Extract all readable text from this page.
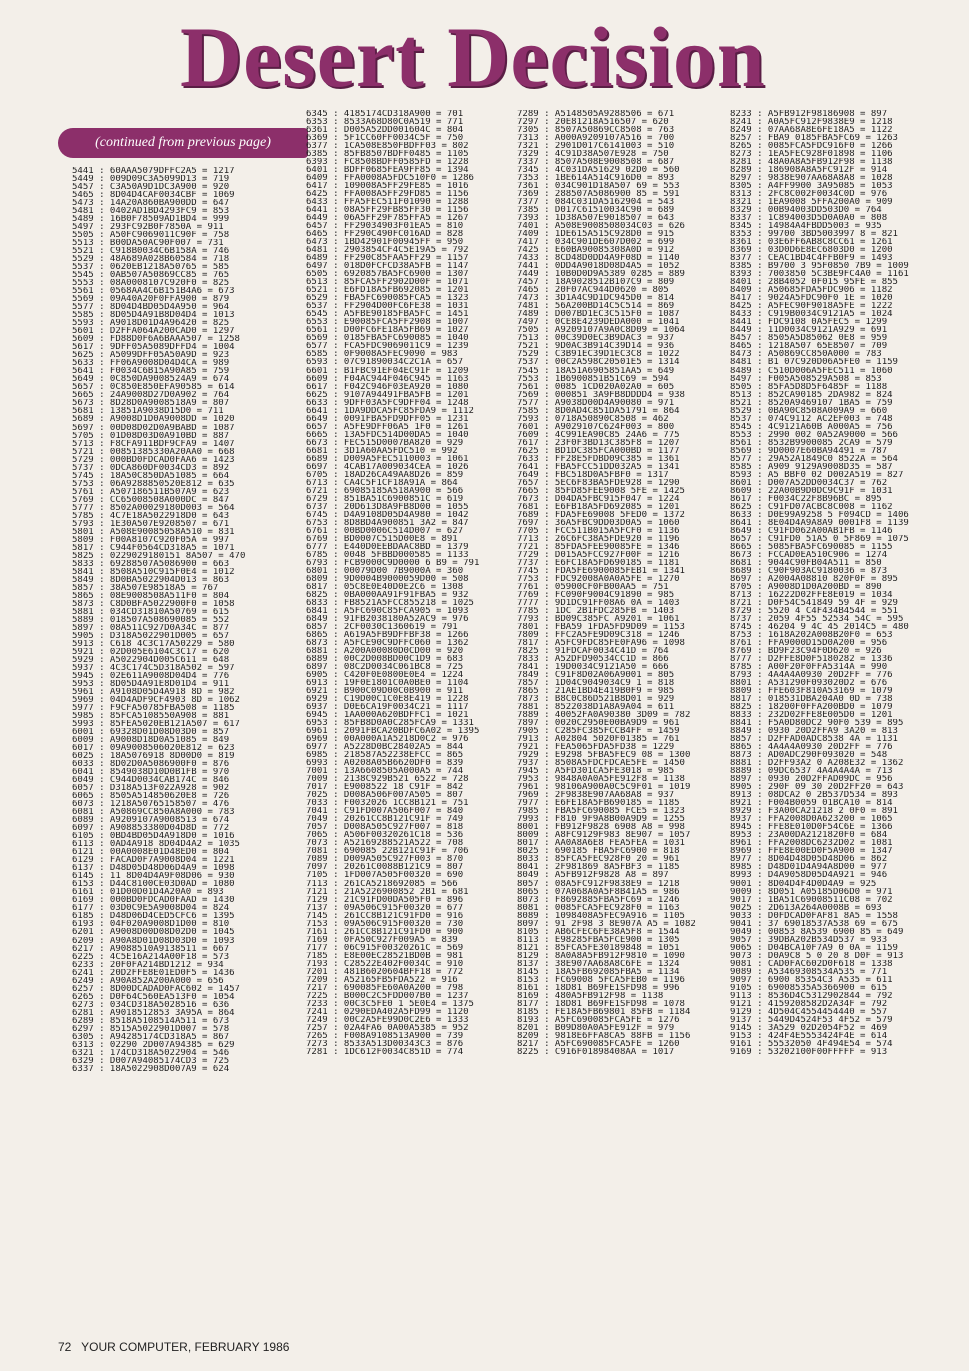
Desert Decision
(continued from previous page)
5441 : 60AAA5079DFFC2A5 = 1217
5449 : 009D09C3A5099D13 = 719
5457 : C3A50A9D1DC3A900 = 920
5465 : 8D04D4CAF0034CBF = 1069
5473 : 14A20A860BA900DD = 647
5481 : 0402AD1BD4293FC9 = 853
5489 : 16B0F78509AD1BD4 = 999
5497 : 293FC92B0F7850A = 911
5505 : A50FC9069011C90F = 758
5513 : B00DA50AC90F007 = 731
5521 : C918B0034C6B158A = 746
5529 : 48A689A028B60584 = 718
5537 : 0620EB1218A50765 = 585
5545 : 0AB507A50869CC85 = 765
5553 : 08A0008107C920F0 = 825
5561 : 0568AA4C6B151B4A6 = 673
5569 : 09A40A20F0FFA900 = 879
5577 : 8D04D4BD05D4A950 = 964
5585 : 8D05D4A91B8D04D4 = 1013
5593 : A9018D01D4A96420 = 825
5601 : D2FFA064A200CAD0 = 1297
5609 : FD88D0F6A6BAAA507 = 1258
5617 : 9DFF05A5089DFFD4 = 1004
5625 : A5099DFF05A50A9D = 923
5633 : FF06A9008D04D4CA = 989
5641 : F0034C6B15A90A85 = 759
5649 : 0C850DA9008524A9 = 674
5657 : 0C850E850EFA90585 = 614
5665 : 24A9008D27D0A902 = 764
5673 : 8D28D0A9008518A9 = 807
5681 : 13851A9038D15D0 = 711
5689 : A9008D1D0A9008DD = 1020
5697 : 00D08D02D0A9BABD = 1087
5705 : 01D08D03D0A910BD = 887
5713 : F8CFA911BDF9CFA9 = 1407
5721 : 00851385330A20AA0 = 668
5729 : 000BD0FDCAD0FAA6 = 1423
5737 : 0DCA860DF0034CD3 = 892
5745 : 18A50C850DA51085 = 664
5753 : 06A9288850520E812 = 635
5761 : A507186511B507A9 = 623
5769 : CC65008508A000DC = 847
5777 : 8502A00029180D003 = 564
5785 : 4C7E18A5022918D0 = 643
5793 : 1E30A507E9208507 = 671
5801 : A508E90085058A510 = 831
5809 : F00A8107C920F05A = 997
5817 : C944F0564CD318A5 = 1071
5825 : 0229029180151 8A507 = 470
5833 : 69288507A5086900 = 663
5841 : 8508A510C915F0E4 = 1012
5849 : 8D0BA5022904D013 = 863
5857 : 38A507E98518A5 = 767
5865 : 08E9008508A511F0 = 804
5873 : C8D0BFA5022900F0 = 1058
5881 : 034CD31810A50769 = 615
5889 : 018507A508690085 = 552
5897 : 08A511C927D0A34C = 877
5905 : D318A5022901D005 = 657
5913 : C618 4C3C17A50229 = 580
5921 : 02D005E6104C3C17 = 620
5929 : A5022904D005C611 = 648
5937 : 4C3C174C5D318A502 = 597
5945 : 02E611A9008D04D4 = 776
5953 : 8D05D4A91E8D01D4 = 911
5961 : A9108D05D4A918 8D = 982
5969 : 04D4ADF9CF4903 8D = 1062
5977 : F9CFA50785FBA508 = 1185
5985 : 85FCA5108550A908 = 881
5993 : 85FEA5020EB121A507 = 617
6001 : 69328D01D08D03D0 = 857
6009 : A9008D18D0A51085 = 849
6017 : 09A9008506020E812 = 623
6025 : 18A5076918 8D00D0 = 819
6033 : 8D02D0A5086900F0 = 876
6041 : 8549038D10D0B1FB = 970
6049 : C944D0034CAB174C = 846
6057 : D318A513F022A928 = 902
6065 : 8505A514850620E8 = 726
6073 : 1218A50765158507 = 476
6081 : A50869CC850A8A000 = 783
6089 : A9209107A9008513 = 674
6097 : A908853380D04D8D = 772
6105 : 0BD4BD05D4A918D0 = 1016
6113 : 0AD4A918 8D04D4A2 = 1035
6121 : 00A0008E01D48ED0 = 804
6129 : FACAD0F7A9008D04 = 1221
6137 : D48D05D48D06D4A9 = 1098
6145 : 11 8D04D4A9F08D06 = 930
6153 : D44C8100CE03D0AD = 1080
6161 : 01D00D01D4A20A0 = 893
6169 : 000BD0FDCAD0FAAD = 1430
6177 : 03D0C9E5A9008D04 = 824
6185 : D48D06D4CED5CFC6 = 1395
6193 : 04F020A9008D1D00 = 810
6201 : A9008D00D08D02D0 = 1045
6209 : A90A8D01D08D03D0 = 1093
6217 : A9088510A9138511 = 667
6225 : 4C5E16A214A00F18 = 573
6233 : 20F0FA214BD1212 = 934
6241 : 20D2FFE8E01ED0F5 = 1436
6249 : A90A852A200A000 = 656
6257 : 8D00DCADAD0FAC602 = 1457
6265 : D0F64C560EA513F0 = 1054
6273 : 034CD318A5028516 = 636
6281 : A9018512853 3A95A = 864
6289 : 8518A5108514A511 = 673
6297 : 8515A5022901D007 = 578
6305 : A94285174CD318A5 = 867
6313 : 02290 2D007A94385 = 629
6321 : 174CD318A5022904 = 546
6329 : D007A94085174CD3 = 725
6337 : 18A5022908D007A9 = 624
6345 : 4185174CD318A900 = 701
6353 : 8533A68D80C0A519 = 771
6361 : D005A52DD001604C = 804
6369 : 5F1CC60FF0034C5F = 750
6377 : 1CA508E850FBDFF03 = 802
6385 : 85FB8507BDFF0485 = 1105
6393 : FC8508BDFF0585FD = 1228
6401 : BDFF0685FEA9FF85 = 1394
6409 : FFA0008A5FDC510F0 = 1286
6417 : 109008A5FF29FE85 = 1016
6425 : FFA008A5FF29FD85 = 1156
6433 : FFA5FEC511F01090 = 1288
6441 : 08A5FF29FB85FF30 = 1156
6449 : 06A5FF29F785FFA5 = 1267
6457 : FF29034903F01EA5 = 810
6465 : FF290C490FC016AD = 828
6473 : 1BD42901F00945FF = 950
6481 : 2903854CF4C5E19A5 = 792
6489 : FF290C85FAA5FF29 = 1157
6497 : 018D0FCFCD38A5FB = 1147
6505 : 6920857BA5FC6900 = 1307
6513 : 85FCA5FF2902D00F = 1071
6521 : E6FD18A5FB692085 = 1201
6529 : FBA5FC690085FCA5 = 1323
6537 : FF2904D00FC6FE38 = 1031
6545 : A5FBE90185FBA5FC = 1451
6553 : E90085FCA5FF2908 = 1007
6561 : D00FC6FE18A5FB69 = 1027
6569 : 0185FBA5FC690085 = 1040
6577 : FCA5FDC9069011C9 = 1239
6585 : 0F9008A5FEC9090 = 983
6593 : 07C91890034C2C1A = 657
6601 : B1FBC91EF04EC91F = 1209
6609 : F04AC944F046C945 = 1163
6617 : F042C946F03EA920 = 1080
6625 : 9107A94491FBA5FB = 1201
6633 : 9DFF03A5FC9DFF04 = 1248
6641 : 1DA9DDCA5FC85FDA9 = 1112
6649 : 0091FBA5FD9DFF05 = 1231
6657 : A5FE9DFF06A5 1F0 = 1261
6665 : 13A5FDC514D00DA5 = 1040
6673 : FEC515D0007BA820 = 929
6681 : 3D1A60AA5FDC510 = 992
6689 : D009A5FEC5110003 = 1061
6697 : 4CAB17A009034CEA = 1026
6705 : 18AD26CA49AA8D26 = 859
6713 : CA4C5F1CF18A91A = 864
6721 : 69085185A518A900 = 566
6729 : 851BA51C6900851C = 619
6737 : 20D613D8A9FB8D00 = 1055
6745 : D4A9108D05D4A980 = 1042
6753 : 8D8BD4A900851 3A2 = 847
6761 : 00BD0006C514D007 = 627
6769 : BD0007C515D00E8 = 891
6777 : E440D0EEBDAAC8BD = 1379
6785 : 0048 5FBBD000585 = 1133
6793 : FCB9000C9D0000 6 B9 = 791
6801 : 00079D00 7B9000A = 360
6809 : 9D0004B9000059D00 = 508
6817 : 05C8E0E40D0E2C6 = 1308
6825 : 0BA000AA91F91FBA5 = 932
6833 : FB8521A5FCC855218 = 1025
6841 : A5FC690C85FCA905 = 1093
6849 : 91FB2038180A52AC9 = 976
6857 : 2CF0030C1360619 = 791
6865 : A619A5FB9DFFBF38 = 1266
6873 : A5FCE90C9DFFC060 = 1362
6881 : A200A00080D0CD00 = 920
6889 : 00C2D008BD00C1D9 = 683
6897 : 08C2D0034C061BC8 = 725
6905 : C420F0E0800E0E4 = 1224
6913 : 19F0E1801C0A0BE0 = 1104
6921 : B900C09D00C0B900 = 911
6929 : C19D00C1C0E8E419 = 1228
6937 : D0E6CA19F0034C21 = 1117
6945 : 1AA000A620BDFFC1 = 1021
6953 : 85FB8D0A0C285FCA9 = 1331
6961 : 2091FBCA20BDFC6A02 = 1395
6969 : 00A000A1A5218D0C2 = 976
6977 : A5228D0BC28402A5 = 844
6985 : 218587A52238EFCC = 865
6993 : A0208A05B6620DF0 = 839
7001 : 13A6608505A000A5 = 744
7009 : 2138C929B521 6522 = 728
7017 : E9008522 18 C91F = 842
7025 : D008A506F007A505 = 807
7033 : F0032026 1CC8B121 = 751
7041 : C91FD007A506F007 = 840
7049 : 20261CC8B121C91F = 749
7057 : D008A505C927F007 = 818
7065 : A506F00320261C18 = 536
7073 : A52169288521A522 = 708
7081 : 690085 22B121C91F = 706
7089 : D009A505C927F003 = 870
7097 : 20261C0088B121C9 = 807
7105 : 1FD007A505F00320 = 690
7113 : 261CA5218692085 = 566
7121 : 21A5226900852 2B1 = 681
7129 : 21C91FD00DA505F0 = 896
7137 : 09A506C915F00320 = 677
7145 : 261CC8B121C91FD0 = 916
7153 : 09A506C915F00320 = 730
7161 : 261CC8B121C91FD0 = 900
7169 : 0FA50C927F009A5 = 839
7177 : 06C915F00320261C = 569
7185 : E8E00EC28521BD0B = 981
7193 : C28522E402F0034C = 910
7201 : 481B6020604BFF18 = 772
7209 : A52165FB5FDA522 = 916
7217 : 690085FE60A0A200 = 798
7225 : B000C2C5FDD007B0 = 1237
7233 : 00C3C5FE0 1 5E0E4 = 1375
7241 : 0290EDA402A5FD99 = 1120
7249 : 00C2A5FE99D0C2E6 = 1333
7257 : 02A4FA6 0A00A5385 = 952
7265 : F008A9108513A900 = 739
7273 : 8533A513D00343C3 = 876
7281 : 1DC612F0034C851D = 774
7289 : A5148505A9288506 = 671
7297 : 20E81218A516507 = 620
7305 : 8507A50869CC8508 = 763
7313 : A000A9209107A516 = 700
7321 : 2901D017C6141003 = 510
7329 : 4C91D38A507E928 = 750
7337 : 8507A508E9008508 = 687
7345 : 4C031DA51629 02D0 = 560
7353 : 1BE614A514C916D0 = 893
7361 : 034C901D18A507 69 = 553
7369 : 288507A5086900 85 = 591
7377 : 084C031DA5162904 = 543
7385 : D017C61510034C90 = 689
7393 : 1D38A507E9018507 = 643
7401 : A508E9008508034C03 = 626
7409 : 1DE615A515C928D0 = 915
7417 : 034C901DE607D002 = 699
7425 : E60BA90085308A0D = 912
7433 : 8CD48D0DD4A9F08D = 1140
7441 : 0DD4A9018D08D4A5 = 1052
7449 : 10B0D0D9A5389 0285 = 889
7457 : 18A9028512B107C9 = 809
7465 : 20F07AC944D0620 = 805
7473 : 3D1A4C9D1DC945D0 = 814
7481 : 56A200BD14C5C514 = 869
7489 : D007BD1EC3C515F0 = 1087
7497 : 0CE8E4239DEDA000 = 1041
7505 : A9209107A9A0C8D09 = 1064
7513 : 00C39D0EC3B9DAC3 = 937
7521 : 9D0AC3B914C39D14 = 936
7529 : C3B91EC39D1EC3C8 = 1022
7537 : 00C2A598C20501E5 = 1314
7545 : 18A51A6905851AA5 = 649
7553 : 1B6900851B51C69 = 594
7561 : 0085 1CD020A02A0 = 605
7569 : 000851 3A9FB8DDDD4 = 938
7577 : A9038D00D4A90080 = 971
7585 : 8D0AD4C851DA51791 = 864
7593 : 0718A50890C8508 = 462
7601 : A9029107C624F003 = 800
7609 : 4C991EA90C85 24A6 = 775
7617 : 23F0F3BD13C385F8 = 1207
7625 : BD1DC385FCA000BD = 1177
7633 : FF28E5FDBD09C385 = 1361
7641 : FBA5FCC51DD032A5 = 1341
7649 : FBC518D0A5FBF0 = 1317
7657 : 5EC6F83BA5FDE928 = 1290
7665 : 85FD85FEE9008 5FE = 1425
7673 : D04DA5FBC915F047 = 1224
7681 : E6FB18A5FD692085 = 1201
7689 : FDA5FE69008 5FED0 = 1372
7697 : 36A5FBC9DD03D0A5 = 1060
7705 : FCC511B015A5FCF0 = 1136
7713 : 26C6FC38A5FDE920 = 1196
7721 : 85FDA5FEE90085FE = 1346
7729 : D015A5FCC927F00F = 1216
7737 : E6FC18A5FD690185 = 1181
7745 : FDA5FE6900085FEB1 = 1341
7753 : FDC92008A0A0A5FE = 1270
7761 : 05900CF0FB00AA5 = 751
7769 : FC090F9004C91890 = 985
7777 : 9D1DC91FF08A6 0A = 1403
7785 : 1DC 2B1FDC285FB = 1403
7793 : BD09C385FC A9201 = 1061
7801 : FBA59 1FDA5FD9D09 = 1153
7809 : FFC2A5FE9D09C318 = 1246
7817 : A5FC9FDC85FE0FA96 = 1098
7825 : 91FDCAF0034C41D = 764
7833 : A52DFD90534CC1D = 866
7841 : 19D0034C9121A50 = 666
7849 : C91F8D02A06A9001 = 805
7857 : 1D04C9049034C9 1 = 818
7865 : 21AE1BD4E419B0F9 = 985
7873 : B8C0C86D521B8D01 = 929
7881 : 8522038D1A8A9A04 = 611
7889 : 40052FA0A90380 3D09 = 782
7897 : 0020C2950E00BA9D9 = 961
7905 : C285FC385FCCB4FF = 1459
7913 : A02804 5020F01385 = 761
7921 : FEA5065FDA5FD38 = 1229
7929 : E9298 5FBA5FEC9 08 = 1300
7937 : 8508A5FDCFDCAE5FE = 1450
7945 : A5FD301CA5FE3018 = 985
7953 : 9848A0A0A5FE912F8 = 1138
7961 : 98106A900A0C5C9F01 = 1019
7969 : 2F9838E907AA68A8 = 937
7977 : E6FE18A5FB690185 = 1185
7985 : FBA5FC690085 FCE5 = 1323
7993 : F810 9F9A8B00A9D9 = 1255
8001 : FB912F9828 6908 A8 = 998
8009 : A8FC9129F983 8E907 = 1057
8017 : AA0A8A6E8 FEA5FEA = 1031
8025 : 690185 FBA5FC6900 = 818
8033 : 85FCA5FEC928F0 20 = 961
8041 : 2F981869 8A5FBF3 = 1185
8049 : A5FB912F9828 A8 = 897
8057 : 08A5FC912F9838E9 = 1218
8065 : 07A068A0A5F8B41A5 = 986
8073 : F8692885FBA5FC69 = 1246
8081 : 0085FCA5FEC928F0 = 1163
8089 : 1098408A5FEC9A916 = 1105
8097 : 91 2F98 3 8E907A A5 = 1082
8105 : AB6CFEC6FE38A5F8 = 1544
8113 : E98285FBA5FCE900 = 1305
8121 : 85FCA5FE30189848 = 1051
8129 : 8A0A8A5FB912F9810 = 1090
8137 : 38E907AA68A8C6FE = 1324
8145 : 18A5FB692085FBA5 = 1134
8153 : FC69008 5FCA5FEB0 = 1196
8161 : 18D81 B69FE1SFD98 = 996
8169 : 480A5FB912F98 = 1138
8177 : 18D81 B69FE1SFD98 = 1078
8185 : FE18A5FB69801 85FB = 1184
8193 : A5FC690085FCA5FE = 1276
8201 : B09D80A0A5FE912F = 979
8209 : 9818E6FFA8CA5 88FB = 1156
8217 : A5FC690085FCA5FE = 1260
8225 : C916F01898408AA = 1017
8233 : A5FB912F98186908 = 897
8241 : A0A5FC912F9838E9 = 1218
8249 : 07AA68A8E6FE18A5 = 1122
8257 : FBA9 0185FBA5FC69 = 1263
8265 : 0085FCA5FDC916F0 = 1266
8273 : 1EA5FEC928F01898 = 1106
8281 : 48A0A8A5FB912F98 = 1138
8289 : 186908A8A5FC912F = 914
8297 : 9838E907AA68A8A8 = 1028
8305 : A4FF9900 3A95085 = 1053
8313 : 2FC8C002F0034C0D = 976
8321 : 1EA9008 5FFA200A0 = 909
8329 : 00B94003DD503D0 = 764
8337 : 1C894003D5D0A0A0 = 808
8345 : 14984A4FBDD5003 = 935
8353 : 99700 3BD5003997 8 = 821
8361 : 03E6FF6AB8C8CC61 = 1261
8369 : 03D0D6E8EC6803D0 = 1200
8377 : CEAC1BD4C4FFB0F9 = 1493
8385 : B9700 3 95F0850 7B9 = 1009
8393 : 7003850 5C3BE9FC4A0 = 1161
8401 : 28B4052 0F015 95FE = 855
8409 : A50685FDA5FDC906 = 1182
8417 : 9024A5FDC90F0 1E = 1020
8425 : A5FEC90F9018A5FE = 1222
8433 : C919B0034C9121A5 = 1024
8441 : FDC9108 0A5FEC5 = 1299
8449 : 11D0034C9121A929 = 691
8457 : 8505A5D85062 0E8 = 959
8465 : 1218A507 65E8507 = 709
8473 : A50869CC850A000 = 783
8481 : B1 07C920D06A5FE0 = 1159
8489 : C510D006A5FEC511 = 1060
8497 : F005A508529A508 = 853
8505 : 85FA5D8D5F6485F = 1188
8513 : 852CA90185 2DA982 = 824
8521 : 8520A9469107 1BA5 = 759
8529 : 0BA90C8508A009A9 = 660
8537 : 074C9112 AC2EF003 = 748
8545 : 4C9121A60B A000A5 = 756
8553 : 2990 002 0A52A9000 = 566
8561 : 8532B9900085 2CA9 = 579
8569 : 9D0007E60BA94491 = 787
8577 : 29A52A1849C0 8522A = 564
8585 : A909 9129A9008D35 = 587
8593 : A5 BBF0 02 D002A519 = 827
8601 : D007A52DD0034C37 = 762
8609 : 22A00B9D0DC9C91F = 1031
8617 : F0034C22F8B96BC = 895
8625 : C91FD07ACBC8C008 = 1162
8633 : D0E99A9258 5 F094CD = 1406
8641 : 8E04D4A9A8A9 0001F8 = 1139
8649 : C91FD062A00AB1FB = 1146
8657 : C91FD0 51A5 0 5F869 = 1075
8665 : 5085FBA5FC690085 = 1155
8673 : FCCAD0EA510C906 = 1274
8681 : 9044C90FB04A511 = 850
8689 : C90F903AC9180036 = 873
8697 : A2004A08810 820F0F = 895
8705 : A9008D1D0A200BD = 890
8713 : 16222D02FFE8E019 = 1034
8721 : D0F54C541849 59 4F = 929
8729 : 5520 4 C4F434B4544 = 551
8737 : 2059 4F55 52534 54C = 595
8745 : 46204 9 4C 45 2014C5 = 480
8753 : 1618A202A008B20F0 = 653
8761 : FFA9000D15D0A200 = 956
8769 : BD9F23C94F0D620 = 926
8777 : D2FFE8D0F5180282 = 1336
8785 : A00F20F0FFA5314A = 990
8793 : 4A4A4A0930 20D2FF = 776
8801 : A531290F093020D2 = 676
8809 : FFE603F810A53169 = 1079
8817 : 018531DBA204A0 0D = 738
8825 : 18200F0FFA200BD0 = 1079
8833 : 232D02FFE8E005D0 = 1201
8841 : F5A0D80DC2 90F0 539 = 895
8849 : 0930 20D2FFA9 3A20 = 813
8857 : D2FFAD0ADC8538 4A = 1131
8865 : 4A4A4A0930 20D2FF = 776
8873 : AD0ADC290F093020 = 548
8881 : D2FF93A2 0 A208E32 = 1362
8889 : 09DC6537 4A4A4A4A = 713
8897 : 0930 20D2FFAD09DC = 956
8905 : 290F 09 30 20D2FF20 = 643
8913 : 08DCA2 0 2B537D534 = 893
8921 : F004B0059 01BCA10 = 814
8929 : F3A00CA21218 2 0F0 = 891
8937 : FFA2008D0A623200 = 1065
8945 : FFE8E010D0F54C6E = 1366
8953 : 23A00DA2121820F0 = 684
8961 : FFA2008DC6232D02 = 1081
8969 : FFE8E00ED0F5A900 = 1347
8977 : 8D04D48D05D48D06 = 862
8985 : D48D01D4A94A8D00 = 977
8993 : D4A9058D05D4A921 = 946
9001 : 8D04D4F4D0D4A9 = 925
9009 : 8D051 A05185D06D0 = 971
9017 : 1BA51C69008511C08 = 702
9025 : 2D613A264A0008B = 693
9033 : D0FDCAD0FAF81 8A5 = 1558
9041 : 37 69018537A538 69 = 675
9049 : 00853 8A539 6900 85 = 649
9057 : 39DBA202B534D537 = 933
9065 : D04BCA10F7A9 0 0A = 1159
9073 : D0A9C8 5 0 20 8 D0F = 913
9081 : CAD0FAC602D0F618 = 1338
9089 : A53469308534A535 = 771
9097 : 6900 85354C3 A535 = 611
9105 : 69008535A5366900 = 615
9113 : 8536D4C5312902844 = 792
9121 : 4159208582D2A34F = 792
9129 : 4D504C4554454440 = 557
9137 : 5449D4524F53 4F52 = 579
9145 : 3A529 02D2054F52 = 469
9153 : 424F4E5553424F4E = 614
9161 : 55532050 4F494E54 = 574
9169 : 53202100F00FFFFF = 913
72 YOUR COMPUTER, FEBRUARY 1986
